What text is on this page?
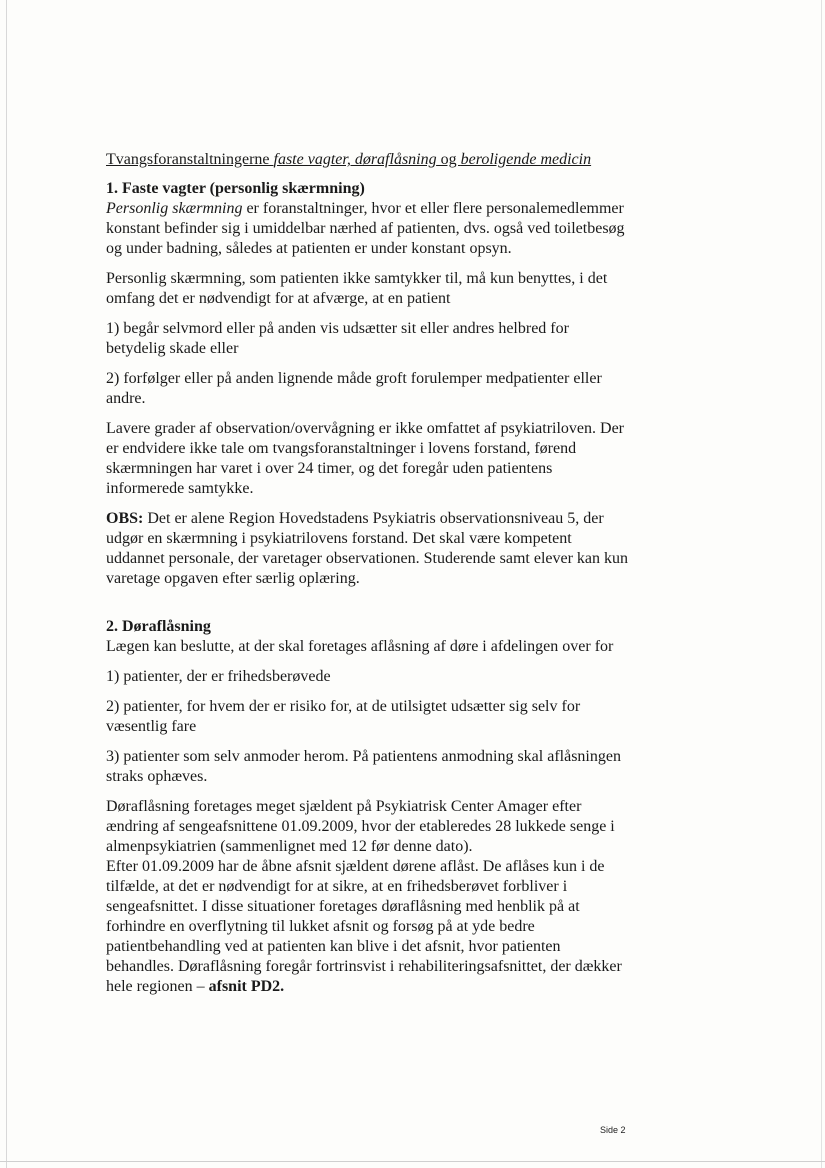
Tvangsforanstaltningerne faste vagter, døraflåsning og beroligende medicin

1. Faste vagter (personlig skærmning)

Personlig skærmning er foranstaltninger, hvor et eller flere personalemedlemmer konstant befinder sig i umiddelbar nærhed af patienten, dvs. også ved toiletbesøg og under badning, således at patienten er under konstant opsyn.

Personlig skærmning, som patienten ikke samtykker til, må kun benyttes, i det omfang det er nødvendigt for at afværge, at en patient

1) begår selvmord eller på anden vis udsætter sit eller andres helbred for betydelig skade eller

2) forfølger eller på anden lignende måde groft forulemper medpatienter eller andre.

Lavere grader af observation/overvågning er ikke omfattet af psykiatriloven. Der er endvidere ikke tale om tvangsforanstaltninger i lovens forstand, førend skærmningen har varet i over 24 timer, og det foregår uden patientens informerede samtykke.

OBS: Det er alene Region Hovedstadens Psykiatris observationsniveau 5, der udgør en skærmning i psykiatrilovens forstand. Det skal være kompetent uddannet personale, der varetager observationen. Studerende samt elever kan kun varetage opgaven efter særlig oplæring.

2. Døraflåsning

Lægen kan beslutte, at der skal foretages aflåsning af døre i afdelingen over for

1) patienter, der er frihedsberøvede

2) patienter, for hvem der er risiko for, at de utilsigtet udsætter sig selv for væsentlig fare

3) patienter som selv anmoder herom. På patientens anmodning skal aflåsningen straks ophæves.

Døraflåsning foretages meget sjældent på Psykiatrisk Center Amager efter ændring af sengeafsnittene 01.09.2009, hvor der etableredes 28 lukkede senge i almenpsykiatrien (sammenlignet med 12 før denne dato).

Efter 01.09.2009 har de åbne afsnit sjældent dørene aflåst. De aflåses kun i de tilfælde, at det er nødvendigt for at sikre, at en frihedsberøvet forbliver i sengeafsnittet. I disse situationer foretages døraflåsning med henblik på at forhindre en overflytning til lukket afsnit og forsøg på at yde bedre patientbehandling ved at patienten kan blive i det afsnit, hvor patienten behandles. Døraflåsning foregår fortrinsvist i rehabiliteringsafsnittet, der dækker hele regionen – afsnit PD2.

Side 2
